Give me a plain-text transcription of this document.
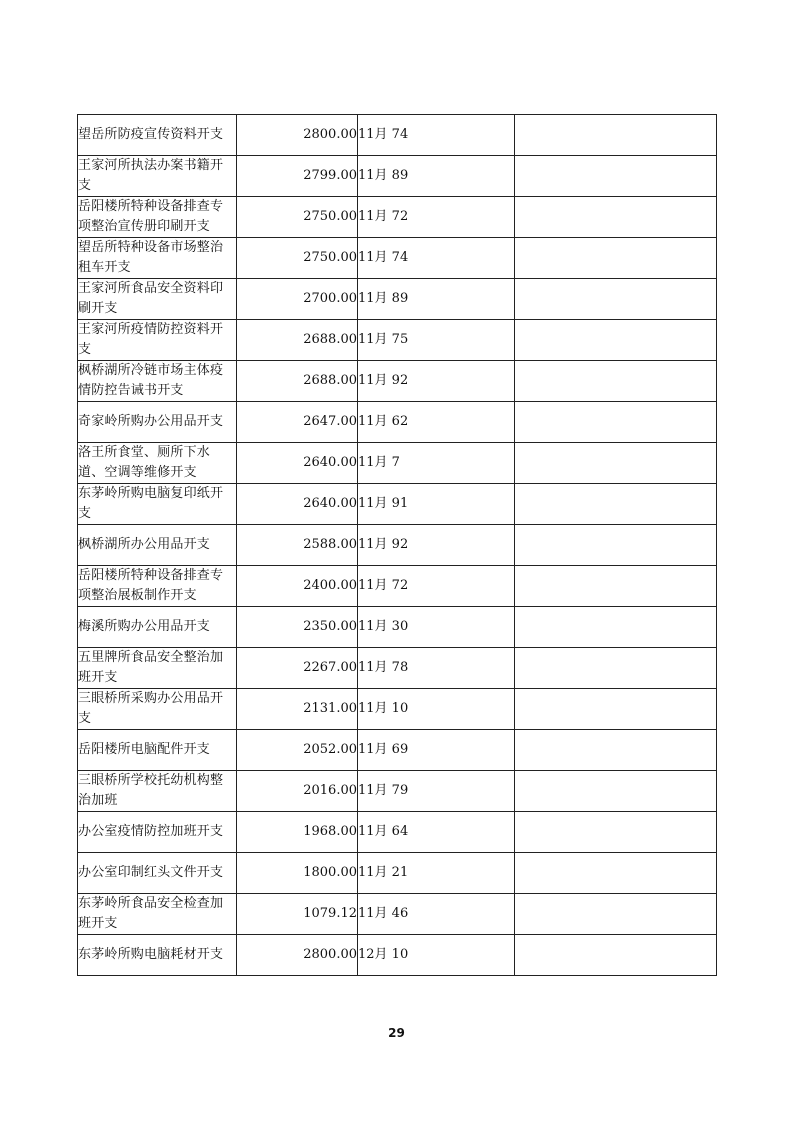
望岳所防疫宣传资料开支	2800.00	11月 74	
王家河所执法办案书籍开支	2799.00	11月 89	
岳阳楼所特种设备排查专项整治宣传册印刷开支	2750.00	11月 72	
望岳所特种设备市场整治租车开支	2750.00	11月 74	
王家河所食品安全资料印刷开支	2700.00	11月 89	
王家河所疫情防控资料开支	2688.00	11月 75	
枫桥湖所冷链市场主体疫情防控告诫书开支	2688.00	11月 92	
奇家岭所购办公用品开支	2647.00	11月 62	
洛王所食堂、厕所下水道、空调等维修开支	2640.00	11月 7	
东茅岭所购电脑复印纸开支	2640.00	11月 91	
枫桥湖所办公用品开支	2588.00	11月 92	
岳阳楼所特种设备排查专项整治展板制作开支	2400.00	11月 72	
梅溪所购办公用品开支	2350.00	11月 30	
五里牌所食品安全整治加班开支	2267.00	11月 78	
三眼桥所采购办公用品开支	2131.00	11月 10	
岳阳楼所电脑配件开支	2052.00	11月 69	
三眼桥所学校托幼机构整治加班	2016.00	11月 79	
办公室疫情防控加班开支	1968.00	11月 64	
办公室印制红头文件开支	1800.00	11月 21	
东茅岭所食品安全检查加班开支	1079.12	11月 46	
东茅岭所购电脑耗材开支	2800.00	12月 10	
29
